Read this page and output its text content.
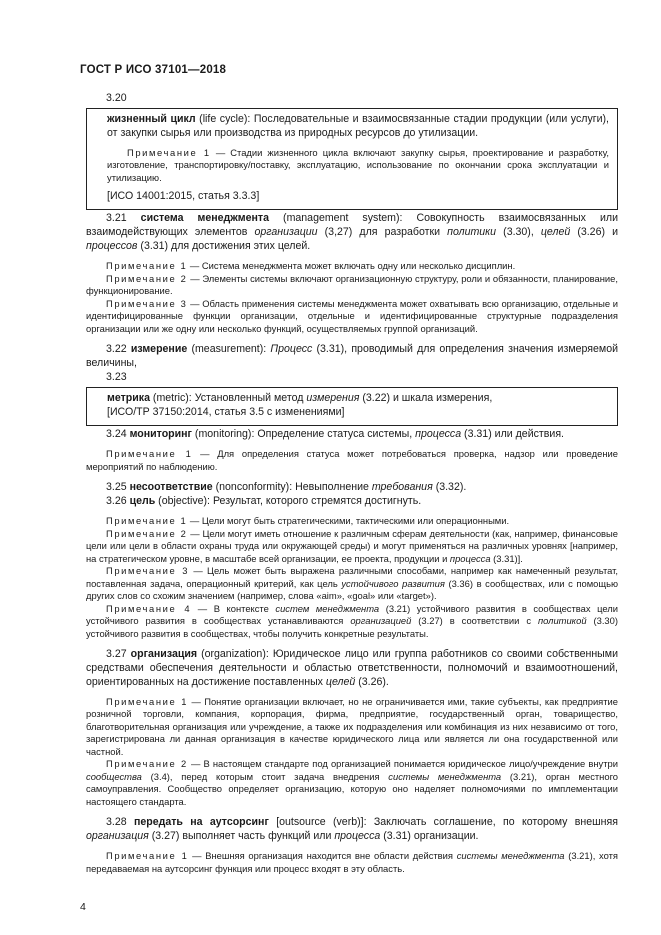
ГОСТ Р ИСО 37101—2018

3.20

жизненный цикл (life cycle): Последовательные и взаимосвязанные стадии продукции (или услуги), от закупки сырья или производства из природных ресурсов до утилизации.

Примечание 1 — Стадии жизненного цикла включают закупку сырья, проектирование и разработку, изготовление, транспортировку/поставку, эксплуатацию, использование по окончании срока эксплуатации и утилизацию.

[ИСО 14001:2015, статья 3.3.3]

3.21 система менеджмента (management system): Совокупность взаимосвязанных или взаимодействующих элементов организации (3,27) для разработки политики (3.30), целей (3.26) и процессов (3.31) для достижения этих целей.

Примечание 1 — Система менеджмента может включать одну или несколько дисциплин.

Примечание 2 — Элементы системы включают организационную структуру, роли и обязанности, планирование, функционирование.

Примечание 3 — Область применения системы менеджмента может охватывать всю организацию, отдельные и идентифицированные функции организации, отдельные и идентифицированные структурные подразделения организации или же одну или несколько функций, осуществляемых группой организаций.

3.22 измерение (measurement): Процесс (3.31), проводимый для определения значения измеряемой величины,

3.23

метрика (metric): Установленный метод измерения (3.22) и шкала измерения,

[ИСО/ТР 37150:2014, статья 3.5 с изменениями]

3.24 мониторинг (monitoring): Определение статуса системы, процесса (3.31) или действия.

Примечание 1 — Для определения статуса может потребоваться проверка, надзор или проведение мероприятий по наблюдению.

3.25 несоответствие (nonconformity): Невыполнение требования (3.32).

3.26 цель (objective): Результат, которого стремятся достигнуть.

Примечание 1 — Цели могут быть стратегическими, тактическими или операционными.

Примечание 2 — Цели могут иметь отношение к различным сферам деятельности (как, например, финансовые цели или цели в области охраны труда или окружающей среды) и могут применяться на различных уровнях [например, на стратегическом уровне, в масштабе всей организации, ее проекта, продукции и процесса (3.31)].

Примечание 3 — Цель может быть выражена различными способами, например как намеченный результат, поставленная задача, операционный критерий, как цель устойчивого развития (3.36) в сообществах, или с помощью других слов со схожим значением (например, слова «aim», «goal» или «target»).

Примечание 4 — В контексте систем менеджмента (3.21) устойчивого развития в сообществах цели устойчивого развития в сообществах устанавливаются организацией (3.27) в соответствии с политикой (3.30) устойчивого развития в сообществах, чтобы получить конкретные результаты.

3.27 организация (organization): Юридическое лицо или группа работников со своими собственными средствами обеспечения деятельности и областью ответственности, полномочий и взаимоотношений, ориентированных на достижение поставленных целей (3.26).

Примечание 1 — Понятие организации включает, но не ограничивается ими, такие субъекты, как предприятие розничной торговли, компания, корпорация, фирма, предприятие, государственный орган, товарищество, благотворительная организация или учреждение, а также их подразделения или комбинация из них независимо от того, зарегистрирована ли данная организация в качестве юридического лица или является ли она государственной или частной.

Примечание 2 — В настоящем стандарте под организацией понимается юридическое лицо/учреждение внутри сообщества (3.4), перед которым стоит задача внедрения системы менеджмента (3.21), орган местного самоуправления. Сообщество определяет организацию, которую оно наделяет полномочиями по имплементации настоящего стандарта.

3.28 передать на аутсорсинг [outsource (verb)]: Заключать соглашение, по которому внешняя организация (3.27) выполняет часть функций или процесса (3.31) организации.

Примечание 1 — Внешняя организация находится вне области действия системы менеджмента (3.21), хотя передаваемая на аутсорсинг функция или процесс входят в эту область.

4
